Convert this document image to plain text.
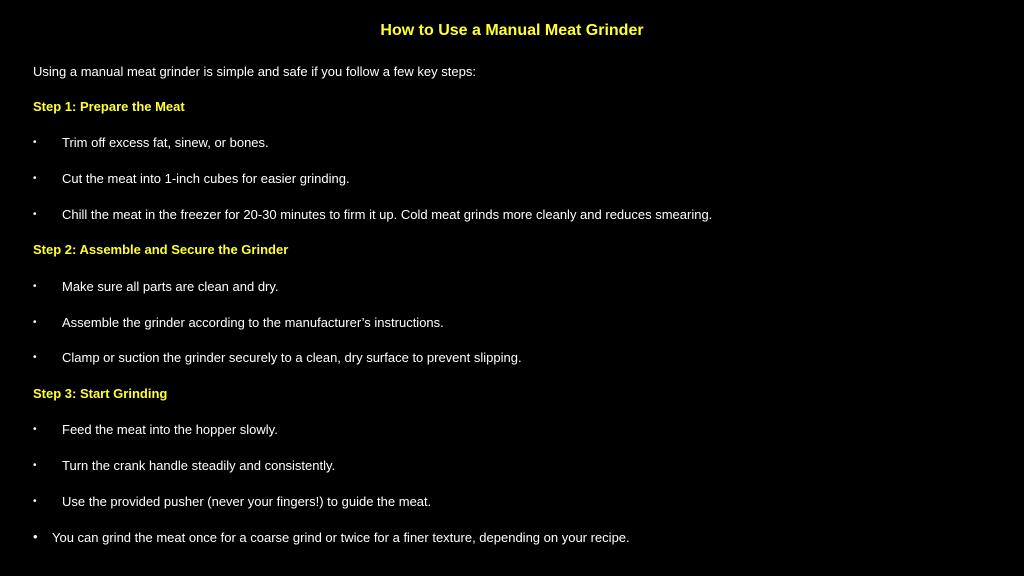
How to Use a Manual Meat Grinder
Using a manual meat grinder is simple and safe if you follow a few key steps:
Step 1: Prepare the Meat
• Trim off excess fat, sinew, or bones.
• Cut the meat into 1-inch cubes for easier grinding.
• Chill the meat in the freezer for 20-30 minutes to firm it up. Cold meat grinds more cleanly and reduces smearing.
Step 2: Assemble and Secure the Grinder
• Make sure all parts are clean and dry.
• Assemble the grinder according to the manufacturer’s instructions.
• Clamp or suction the grinder securely to a clean, dry surface to prevent slipping.
Step 3: Start Grinding
• Feed the meat into the hopper slowly.
• Turn the crank handle steadily and consistently.
• Use the provided pusher (never your fingers!) to guide the meat.
• You can grind the meat once for a coarse grind or twice for a finer texture, depending on your recipe.
